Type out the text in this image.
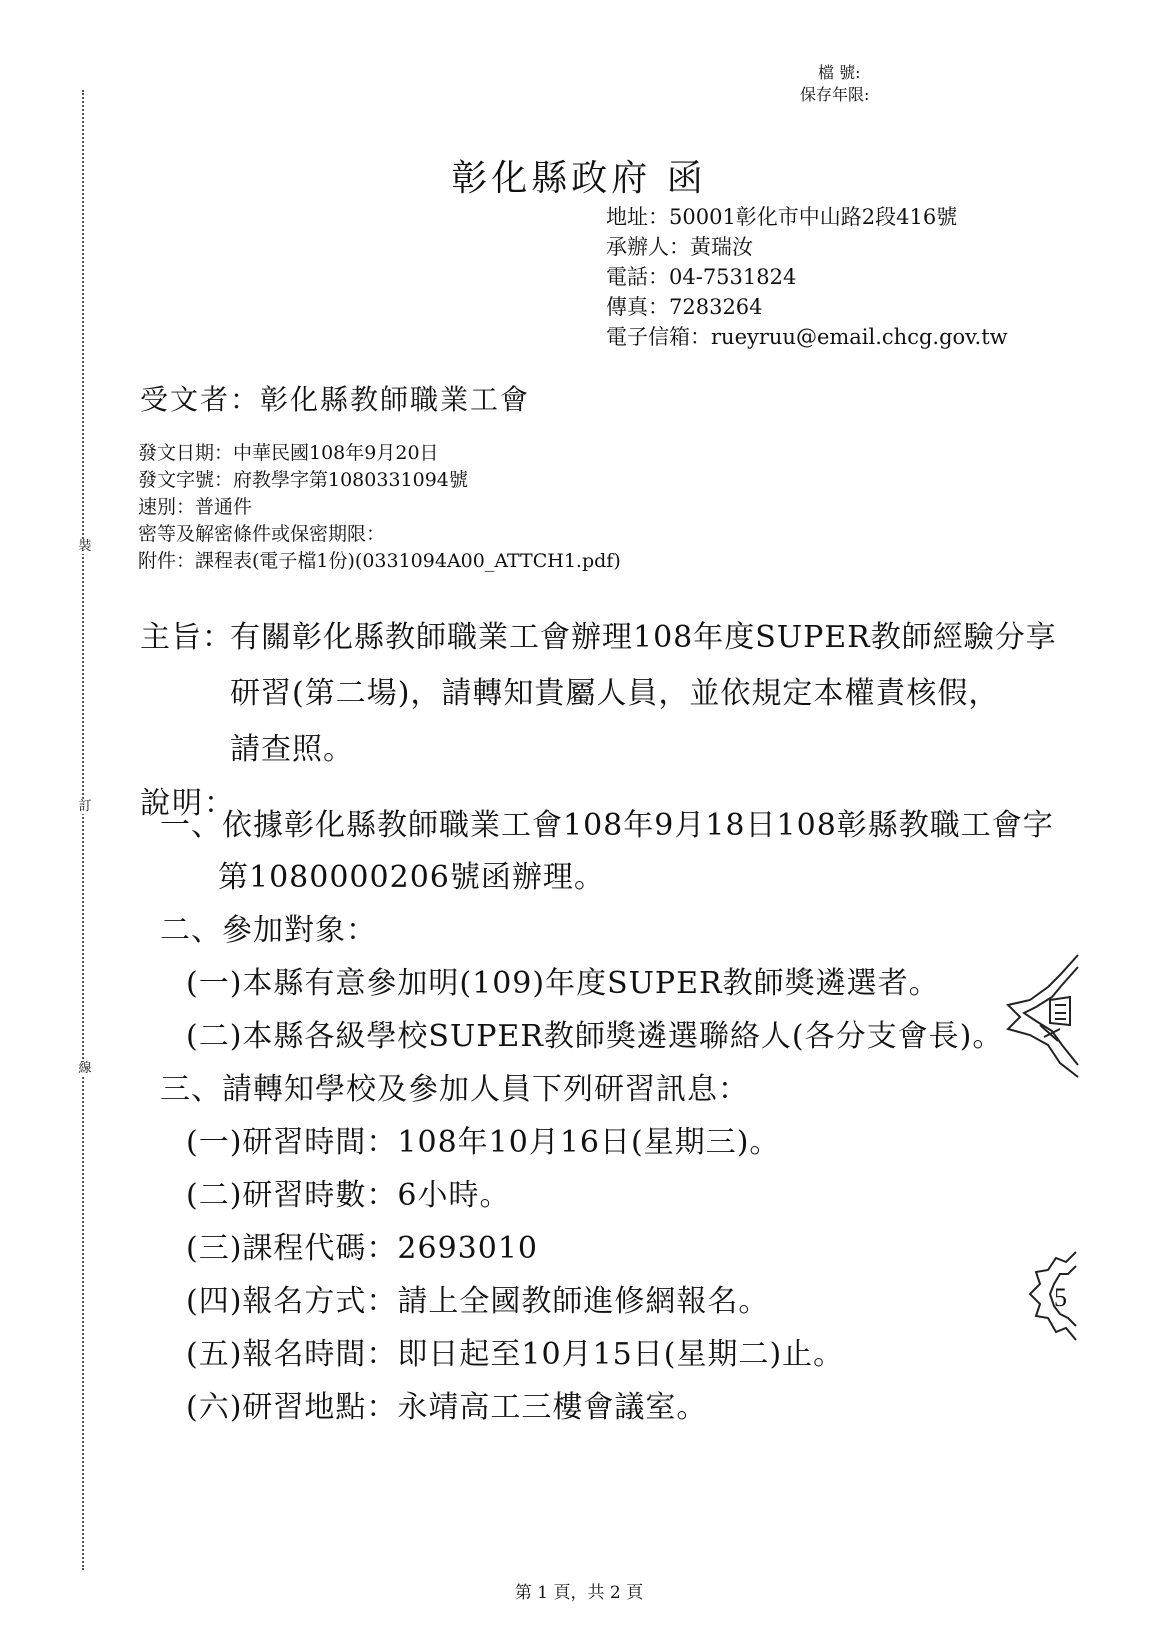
裝
訂
線
檔 號:
保存年限:
彰化縣政府 函
地址：50001彰化市中山路2段416號
承辦人：黃瑞汝
電話：04-7531824
傳真：7283264
電子信箱：rueyruu@email.chcg.gov.tw
受文者：彰化縣教師職業工會
發文日期：中華民國108年9月20日
發文字號：府教學字第1080331094號
速別：普通件
密等及解密條件或保密期限：
附件：課程表(電子檔1份)(0331094A00_ATTCH1.pdf)
主旨：
有關彰化縣教師職業工會辦理108年度SUPER教師經驗分享
研習(第二場)，請轉知貴屬人員，並依規定本權責核假，
請查照。
說明：
一、依據彰化縣教師職業工會108年9月18日108彰縣教職工會字
第1080000206號函辦理。
二、參加對象：
(一)本縣有意參加明(109)年度SUPER教師獎遴選者。
(二)本縣各級學校SUPER教師獎遴選聯絡人(各分支會長)。
三、請轉知學校及參加人員下列研習訊息：
(一)研習時間：108年10月16日(星期三)。
(二)研習時數：6小時。
(三)課程代碼：2693010
(四)報名方式：請上全國教師進修網報名。
(五)報名時間：即日起至10月15日(星期二)止。
(六)研習地點：永靖高工三樓會議室。
5
第 1 頁，共 2 頁
